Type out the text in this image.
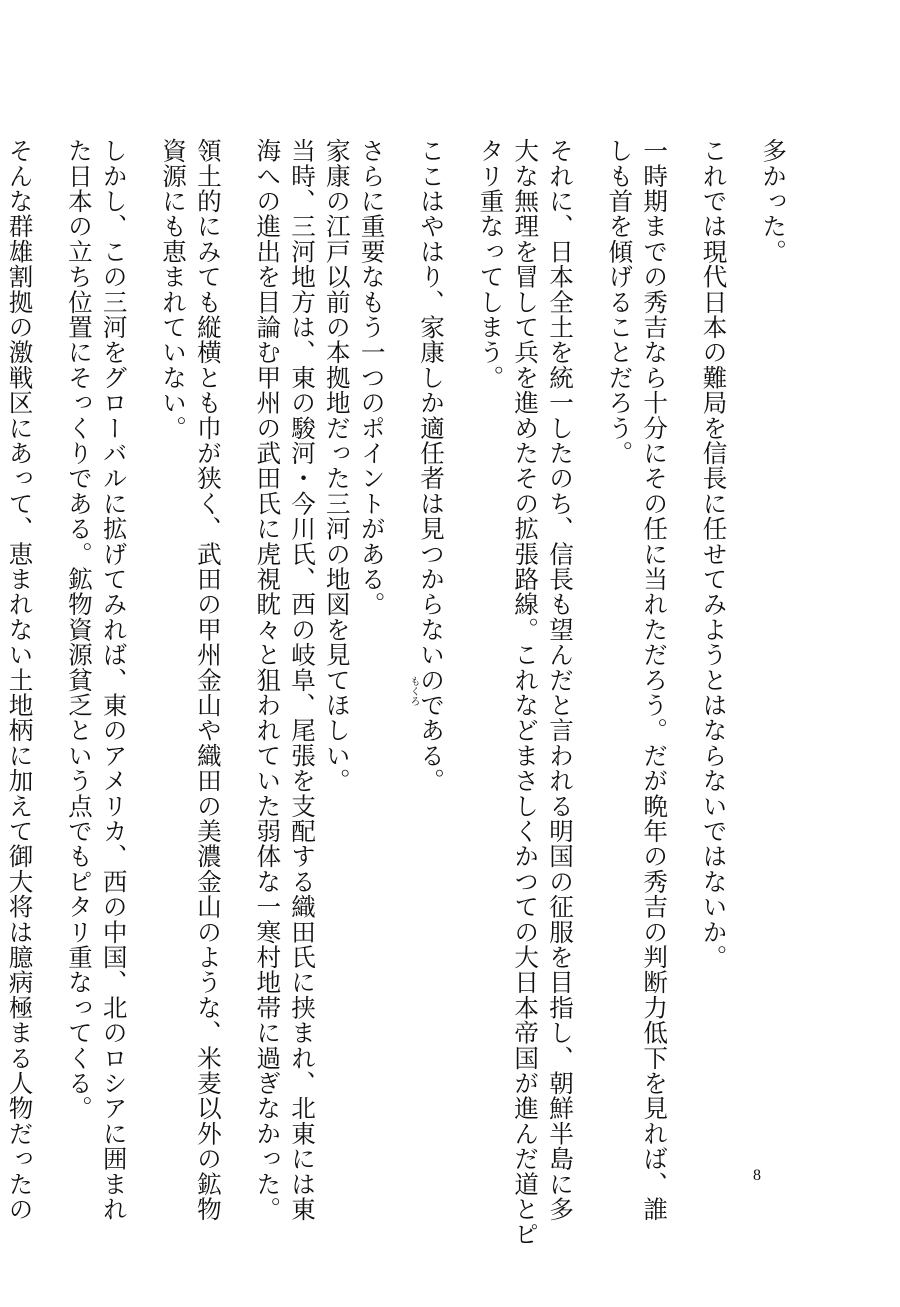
多かった。
これでは現代日本の難局を信長に任せてみようとはならないではないか。
一時期までの秀吉なら十分にその任に当れただろう。だが晩年の秀吉の判断力低下を見れば、誰
しも首を傾げることだろう。
それに、日本全土を統一したのち、信長も望んだと言われる明国の征服を目指し、朝鮮半島に多
大な無理を冒して兵を進めたその拡張路線。これなどまさしくかつての大日本帝国が進んだ道とピ
タリ重なってしまう。
ここはやはり、家康しか適任者は見つからないのである。
さらに重要なもう一つのポイントがある。
家康の江戸以前の本拠地だった三河の地図を見てほしい。
当時、三河地方は、東の駿河・今川氏、西の岐阜、尾張を支配する織田氏に挟まれ、北東には東
海への進出を目論む甲州の武田氏に虎視眈々と狙われていた弱体な一寒村地帯に過ぎなかった。
領土的にみても縦横とも巾が狭く、武田の甲州金山や織田の美濃金山のような、米麦以外の鉱物
資源にも恵まれていない。
しかし、この三河をグローバルに拡げてみれば、東のアメリカ、西の中国、北のロシアに囲まれ
た日本の立ち位置にそっくりである。鉱物資源貧乏という点でもピタリ重なってくる。
そんな群雄割拠の激戦区にあって、恵まれない土地柄に加えて御大将は臆病極まる人物だったの	もくろ
8
